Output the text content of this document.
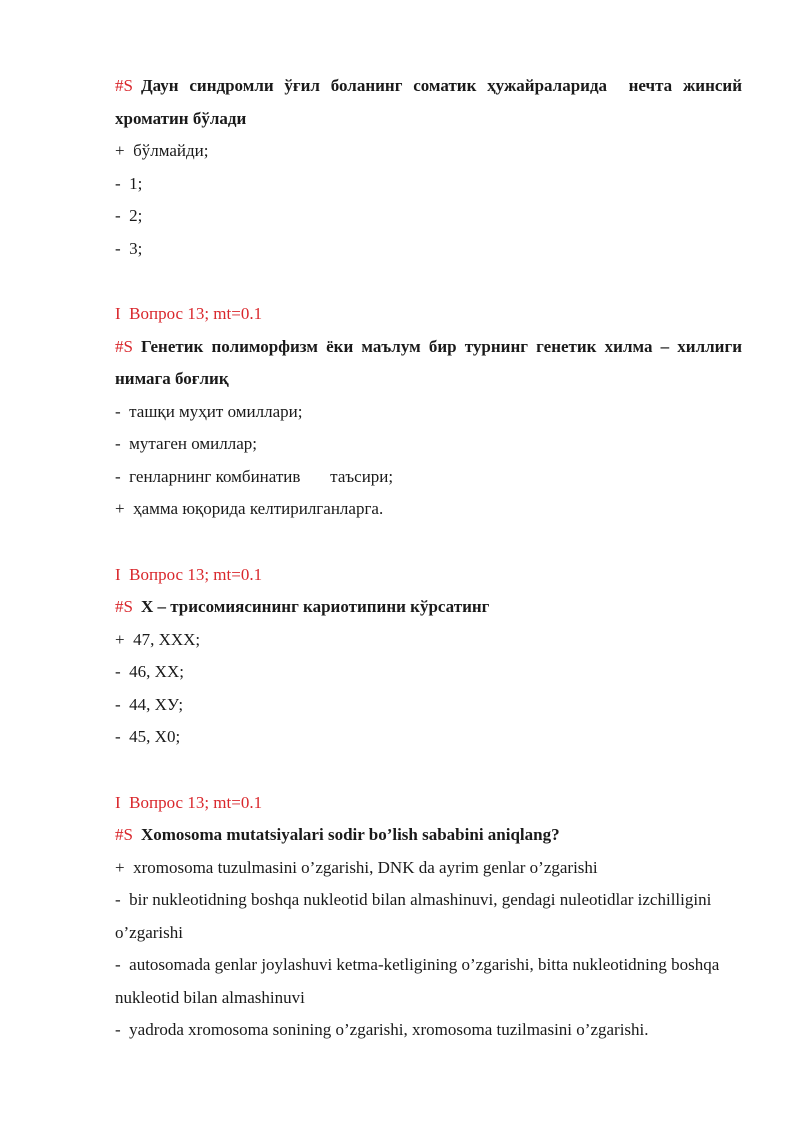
#S Даун синдромли ўғил боланинг соматик ҳужайраларида  нечта жинсий хроматин бўлади

+  бўлмайди;

-  1;

-  2;

-  3;

I  Вопрос 13; mt=0.1

#S Генетик полиморфизм ёки маълум бир турнинг генетик хилма – хиллиги нимага боғлиқ

-  ташқи муҳит омиллари;

-  мутаген омиллар;

-  генларнинг комбинатив       таъсири;

+  ҳамма юқорида келтирилганларга.

I  Вопрос 13; mt=0.1

#S Х – трисомиясининг кариотипини кўрсатинг

+  47, ХХХ;

-  46, ХХ;

-  44, ХУ;

-  45, Х0;

I  Вопрос 13; mt=0.1

#S Xomosoma mutatsiyalari sodir bo’lish sababini aniqlang?

+  xromosoma tuzulmasini o’zgarishi, DNK da ayrim genlar o’zgarishi

-  bir nukleotidning boshqa nukleotid bilan almashinuvi, gendagi nuleotidlar izchilligini o’zgarishi

-  autosomada genlar joylashuvi ketma-ketligining o’zgarishi, bitta nukleotidning boshqa nukleotid bilan almashinuvi

-  yadroda xromosoma sonining o’zgarishi, xromosoma tuzilmasini o’zgarishi.
